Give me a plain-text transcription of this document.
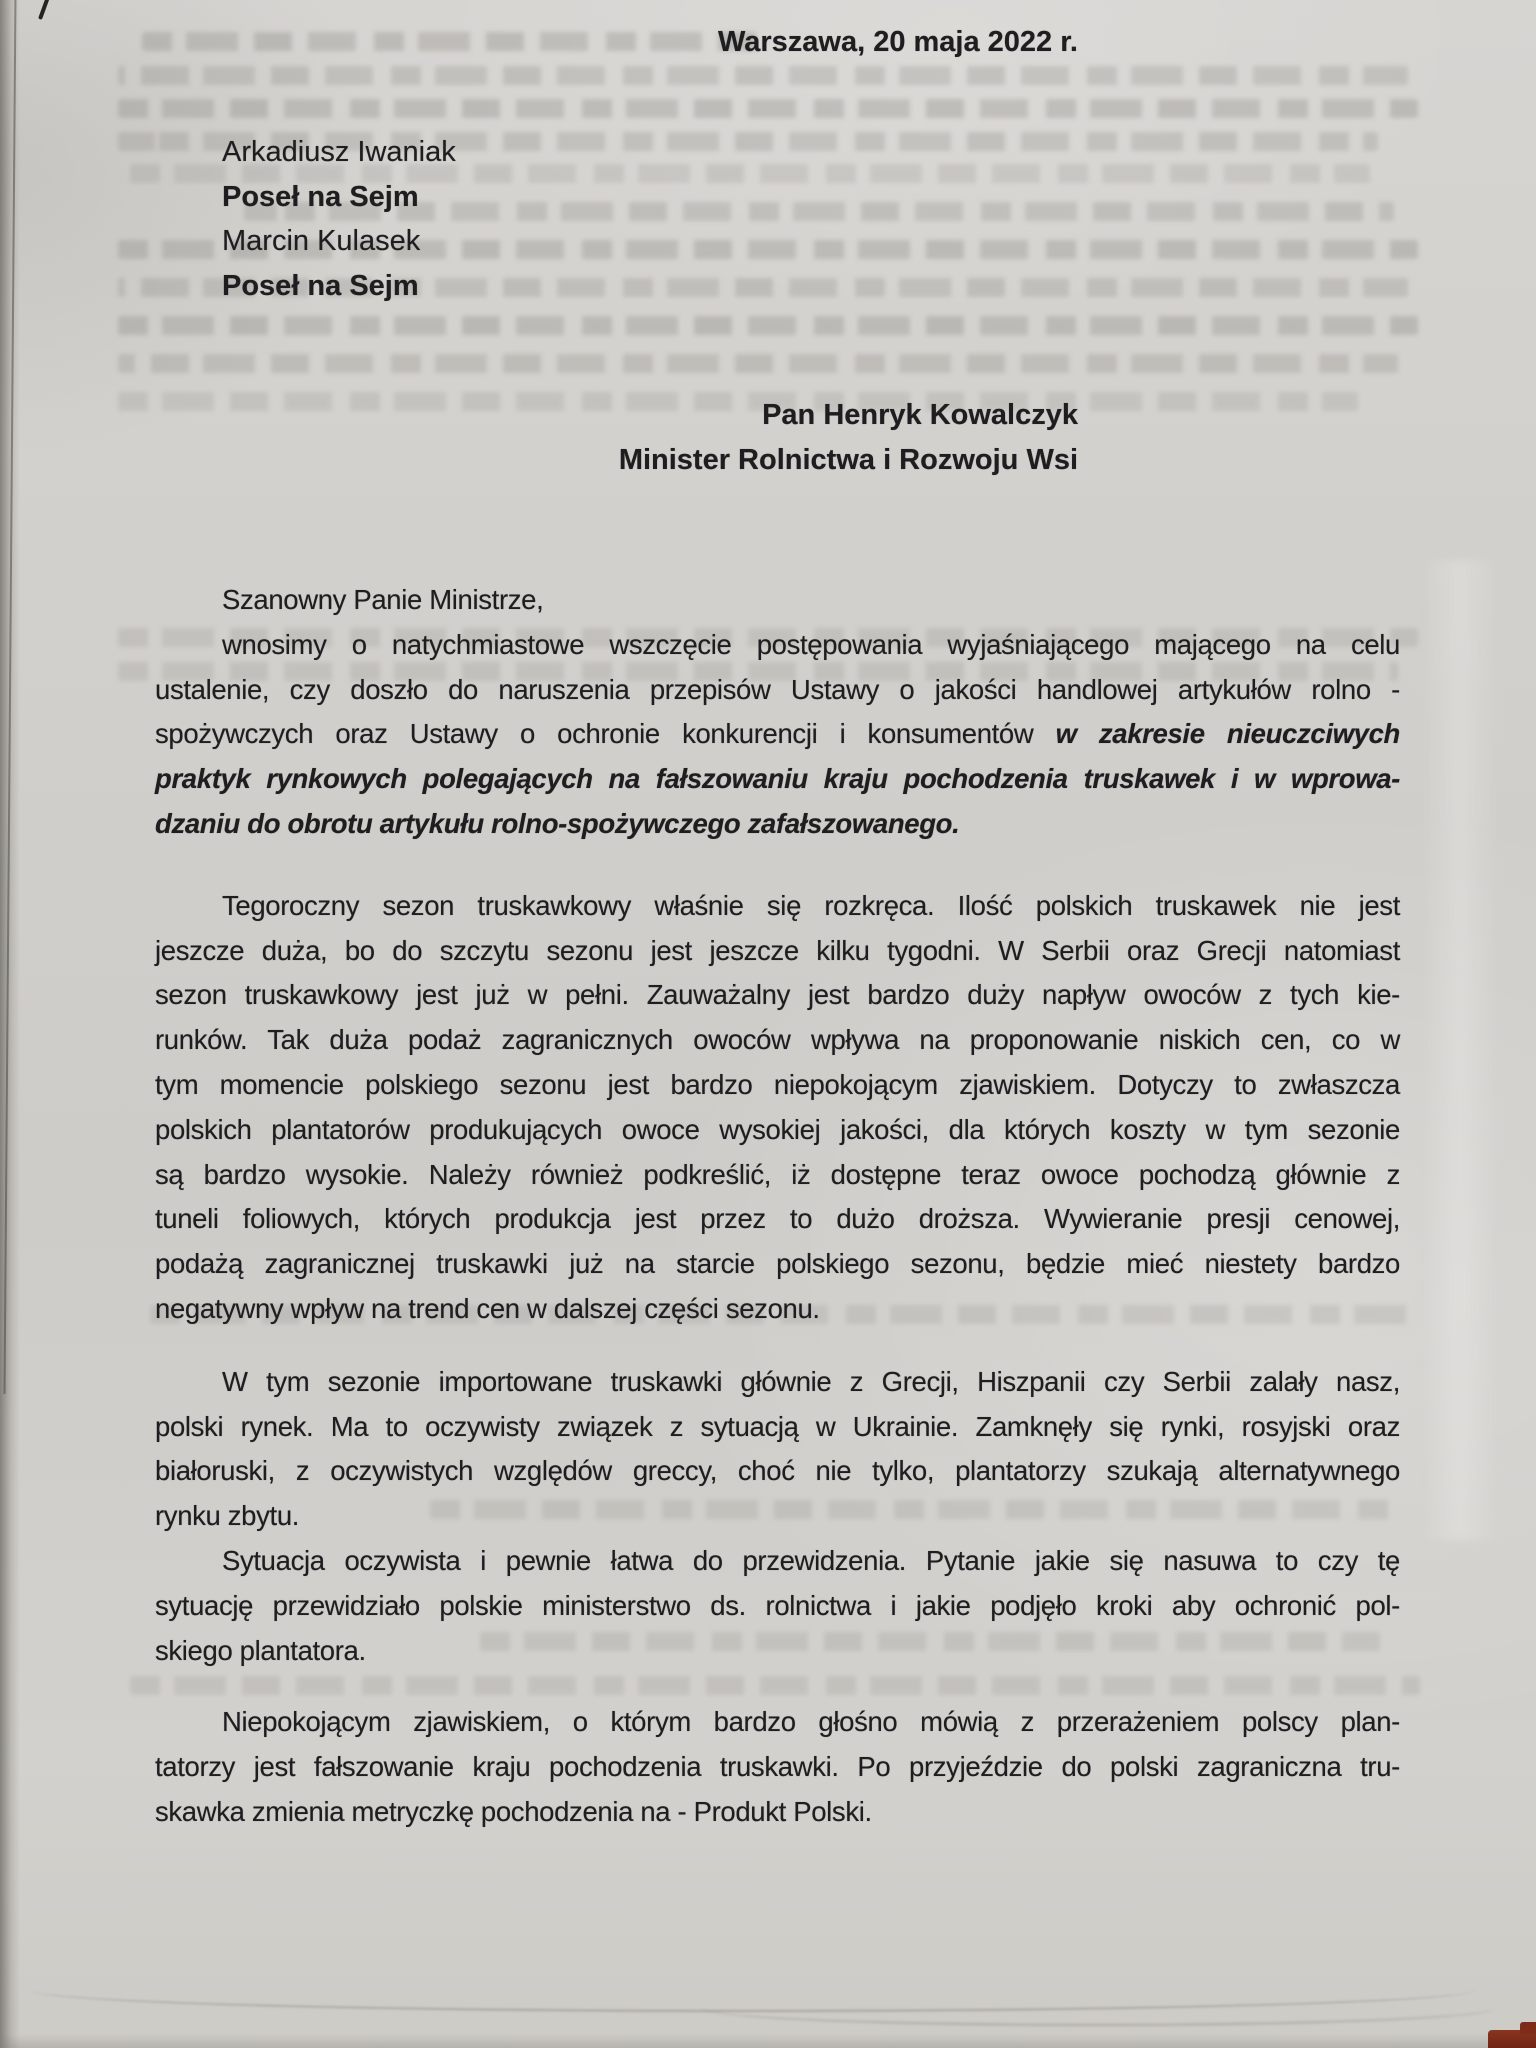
Warszawa, 20 maja 2022 r.
Arkadiusz Iwaniak
Poseł na Sejm
Marcin Kulasek
Poseł na Sejm
Pan Henryk Kowalczyk
Minister Rolnictwa i Rozwoju Wsi
Szanowny Panie Ministrze,
wnosimy o natychmiastowe wszczęcie postępowania wyjaśniającego mającego na celu
ustalenie, czy doszło do naruszenia przepisów Ustawy o jakości handlowej artykułów rolno -
spożywczych oraz Ustawy o ochronie konkurencji i konsumentów w zakresie nieuczciwych
praktyk rynkowych polegających na fałszowaniu kraju pochodzenia truskawek i w wprowa-
dzaniu do obrotu artykułu rolno-spożywczego zafałszowanego.
Tegoroczny sezon truskawkowy właśnie się rozkręca. Ilość polskich truskawek nie jest
jeszcze duża, bo do szczytu sezonu jest jeszcze kilku tygodni. W Serbii oraz Grecji natomiast
sezon truskawkowy jest już w pełni. Zauważalny jest bardzo duży napływ owoców z tych kie-
runków. Tak duża podaż zagranicznych owoców wpływa na proponowanie niskich cen, co w
tym momencie polskiego sezonu jest bardzo niepokojącym zjawiskiem. Dotyczy to zwłaszcza
polskich plantatorów produkujących owoce wysokiej jakości, dla których koszty w tym sezonie
są bardzo wysokie. Należy również podkreślić, iż dostępne teraz owoce pochodzą głównie z
tuneli foliowych, których produkcja jest przez to dużo droższa. Wywieranie presji cenowej,
podażą zagranicznej truskawki już na starcie polskiego sezonu, będzie mieć niestety bardzo
negatywny wpływ na trend cen w dalszej części sezonu.
W tym sezonie importowane truskawki głównie z Grecji, Hiszpanii czy Serbii zalały nasz,
polski rynek. Ma to oczywisty związek z sytuacją w Ukrainie. Zamknęły się rynki, rosyjski oraz
białoruski, z oczywistych względów greccy, choć nie tylko, plantatorzy szukają alternatywnego
rynku zbytu.
Sytuacja oczywista i pewnie łatwa do przewidzenia. Pytanie jakie się nasuwa to czy tę
sytuację przewidziało polskie ministerstwo ds. rolnictwa i jakie podjęło kroki aby ochronić pol-
skiego plantatora.
Niepokojącym zjawiskiem, o którym bardzo głośno mówią z przerażeniem polscy plan-
tatorzy jest fałszowanie kraju pochodzenia truskawki. Po przyjeździe do polski zagraniczna tru-
skawka zmienia metryczkę pochodzenia na - Produkt Polski.
